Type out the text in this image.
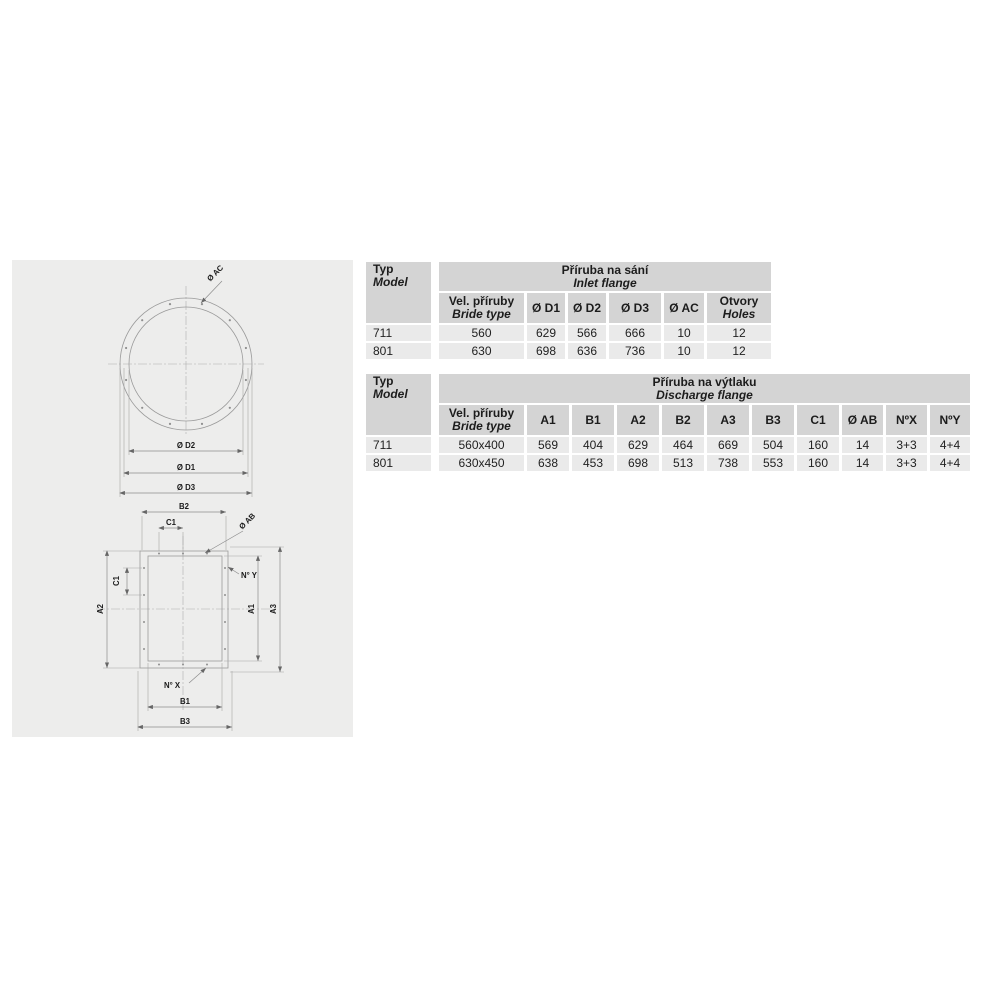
Ø AC
Ø D2
Ø D1
Ø D3
B2
C1	Ø AB
N° Y
C1
A2	A1 A3
N° X
B1
B3
Typ
Model

Příruba na sání
Inlet flange

Vel. příruby
Bride type	Ø D1	Ø D2	Ø D3	Ø AC	Otvory
Holes

711		560	629	566	666	10	12
801		630	698	636	736	10	12
Typ
Model

Příruba na výtlaku
Discharge flange

		Vel. příruby
Bride type	A1	B1	A2	B2	A3	B3	C1	Ø AB	NºX	NºY
711		560x400	569	404	629	464	669	504	160	14	3+3	4+4
801		630x450	638	453	698	513	738	553	160	14	3+3	4+4
